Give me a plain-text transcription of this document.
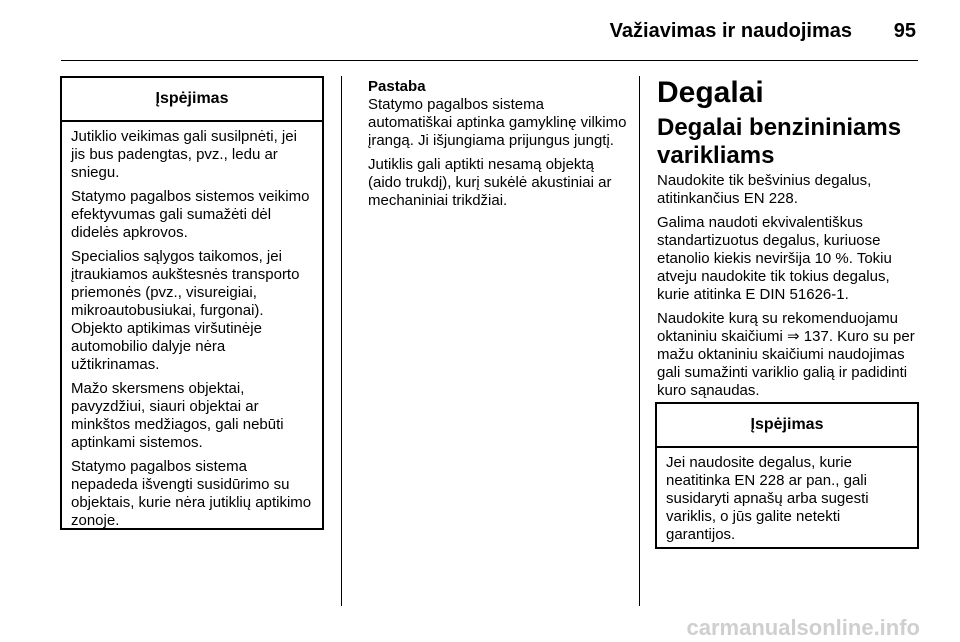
Važiavimas ir naudojimas	95
Įspėjimas

Jutiklio veikimas gali susilpnėti, jei jis bus padengtas, pvz., ledu ar sniegu.

Statymo pagalbos sistemos veikimo efektyvumas gali sumažėti dėl didelės apkrovos.

Specialios sąlygos taikomos, jei įtraukiamos aukštesnės transporto priemonės (pvz., visureigiai, mikroautobusiukai, furgonai). Objekto aptikimas viršutinėje automobilio dalyje nėra užtikrinamas.

Mažo skersmens objektai, pavyzdžiui, siauri objektai ar minkštos medžiagos, gali nebūti aptinkami sistemos.

Statymo pagalbos sistema nepadeda išvengti susidūrimo su objektais, kurie nėra jutiklių aptikimo zonoje.

Pastaba

Statymo pagalbos sistema automatiškai aptinka gamyklinę vilkimo įrangą. Ji išjungiama prijungus jungtį.

Jutiklis gali aptikti nesamą objektą (aido trukdį), kurį sukėlė akustiniai ar mechaniniai trikdžiai.

Degalai
Degalai benzininiams varikliams

Naudokite tik bešvinius degalus, atitinkančius EN 228.

Galima naudoti ekvivalentiškus standartizuotus degalus, kuriuose etanolio kiekis neviršija 10 %. Tokiu atveju naudokite tik tokius degalus, kurie atitinka E DIN 51626-1.

Naudokite kurą su rekomenduojamu oktaniniu skaičiumi ⇒ 137. Kuro su per mažu oktaniniu skaičiumi naudojimas gali sumažinti variklio galią ir padidinti kuro sąnaudas.

Įspėjimas

Jei naudosite degalus, kurie neatitinka EN 228 ar pan., gali susidaryti apnašų arba sugesti variklis, o jūs galite netekti garantijos.

carmanualsonline.info
